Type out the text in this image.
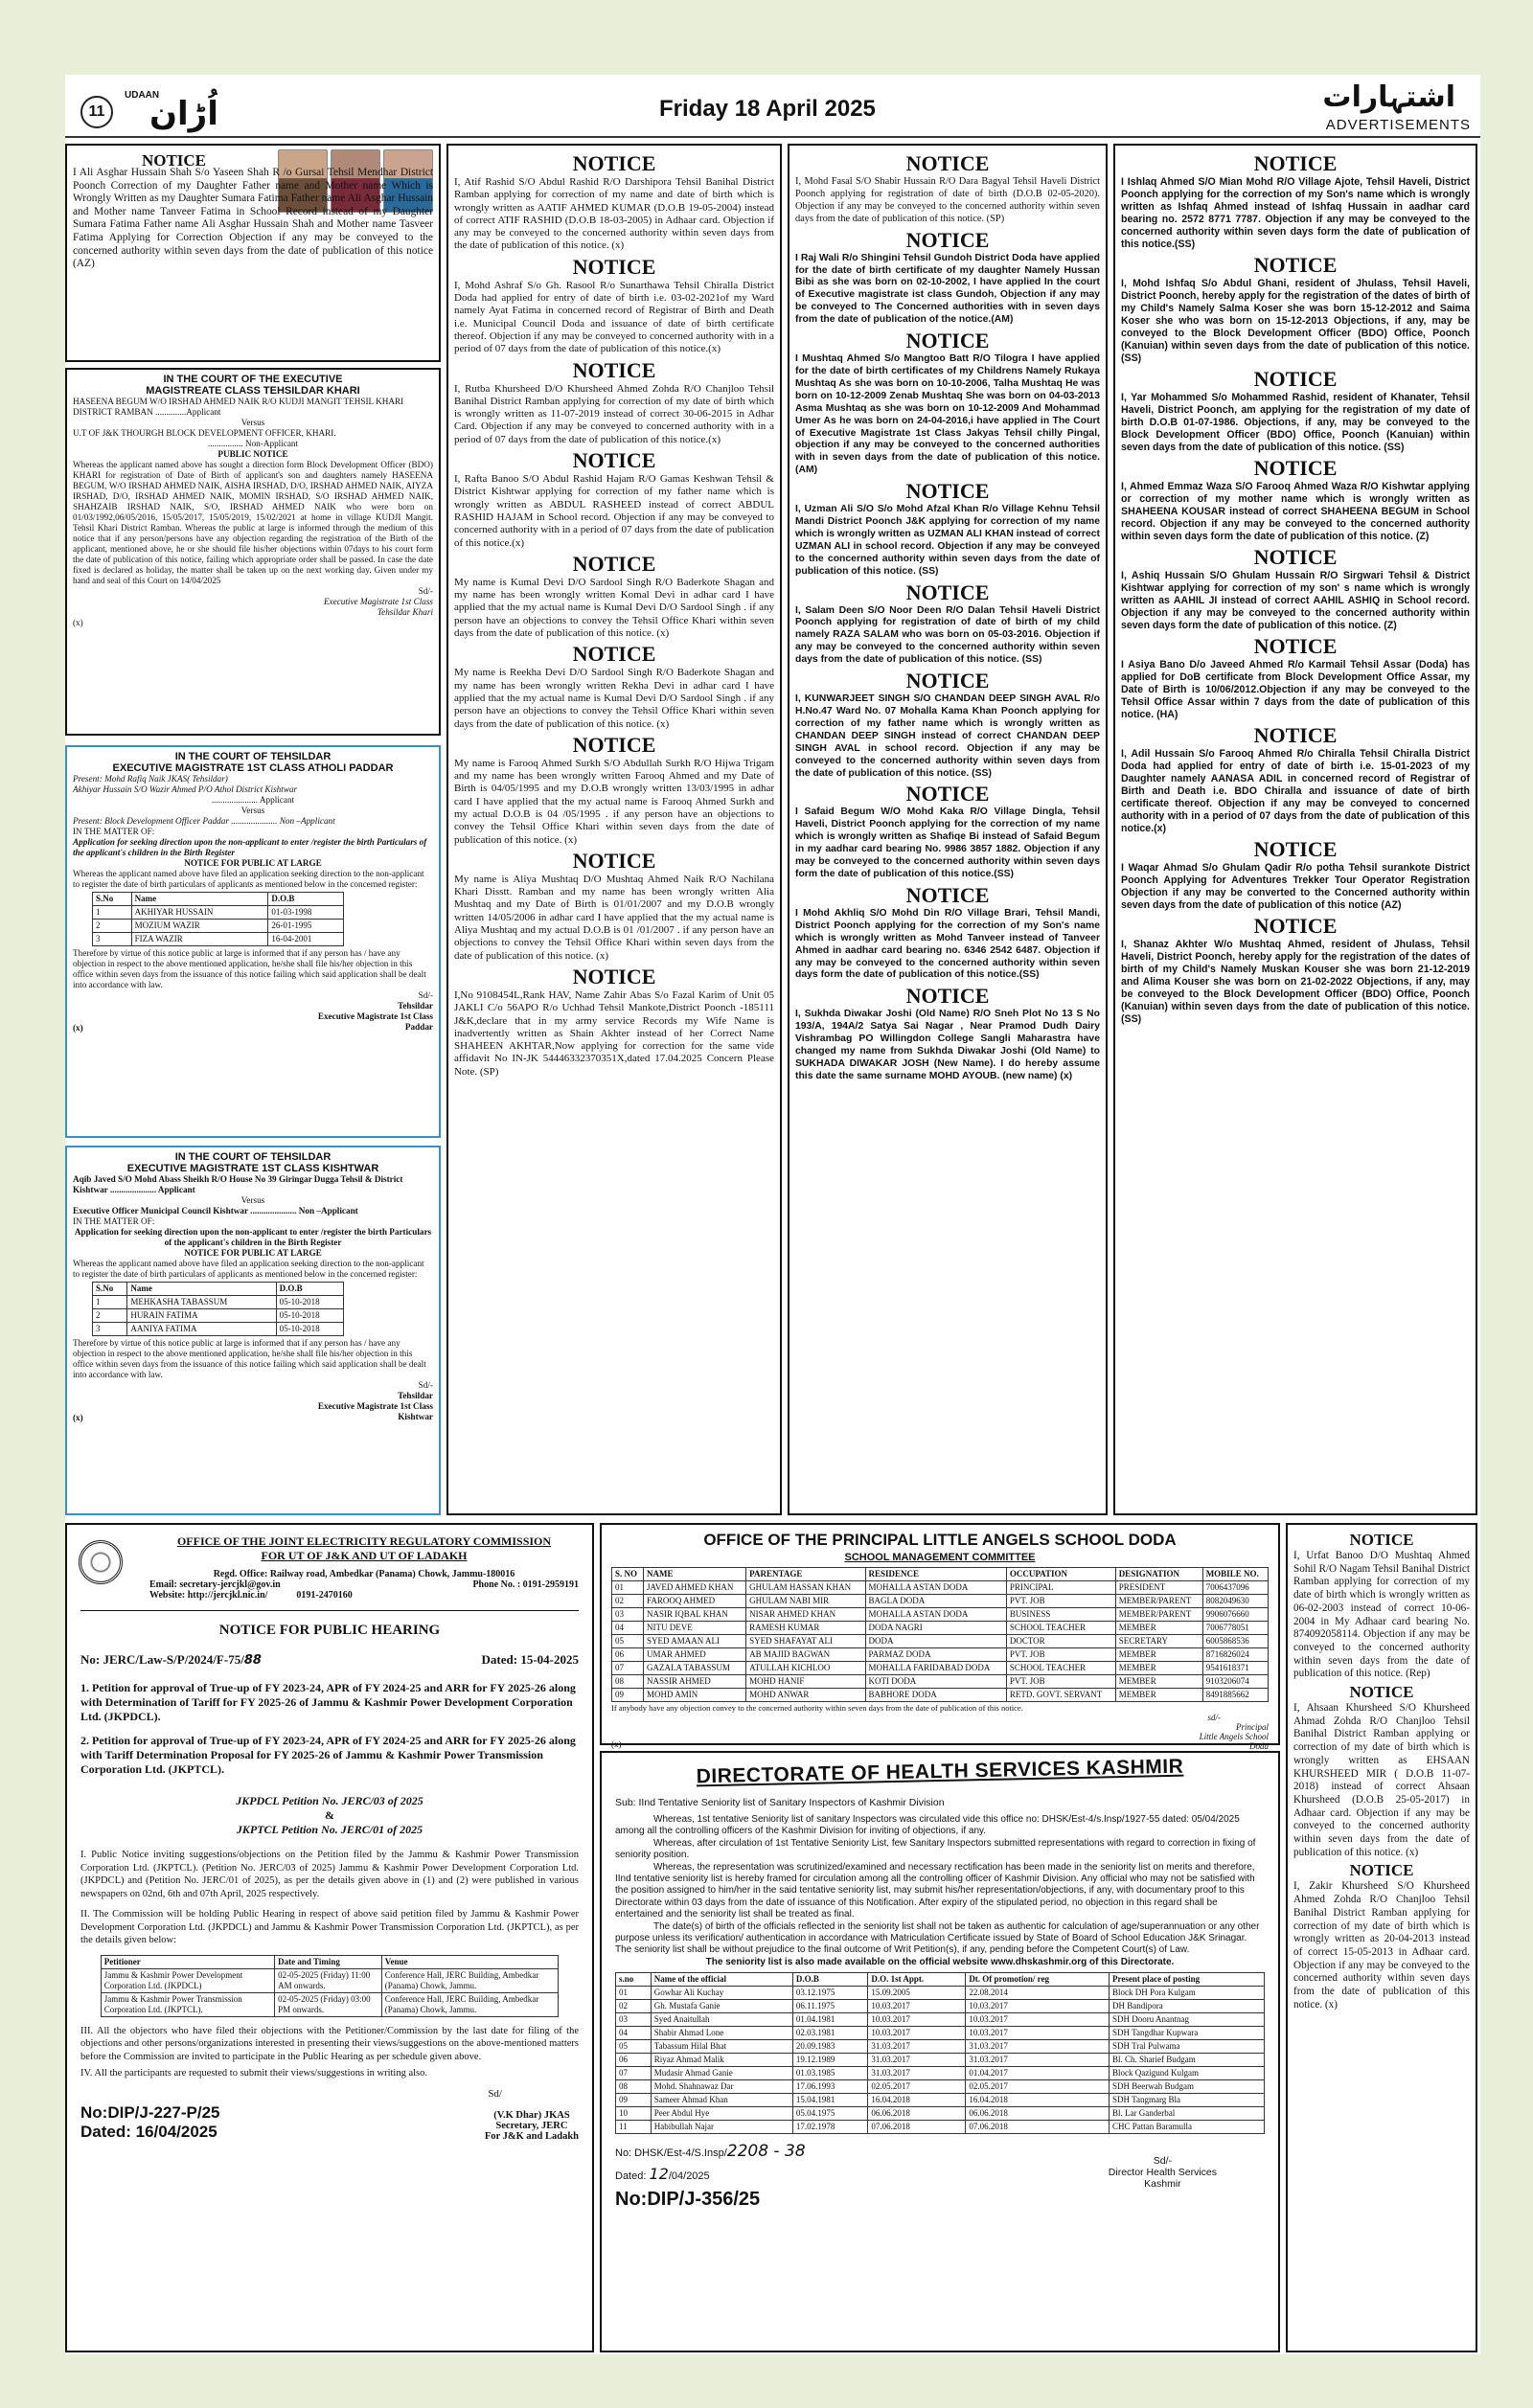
11
UDAAN
اُڑان	Friday 18 April 2025	اشتہارات
ADVERTISEMENTS
NOTICE
I Ali Asghar Hussain Shah S/o Yaseen Shah R /o Gursai Tehsil Mendhar District Poonch Correction of my Daughter Father name and Mother name Which is Wrongly Written as my Daughter Sumara Fatima Father name Ali Asghar Hussain and Mother name Tanveer Fatima in School Record instead of my Daughter Sumara Fatima Father name Ali Asghar Hussain Shah and Mother name Tasveer Fatima Applying for Correction Objection if any may be conveyed to the concerned authority within seven days from the date of publication of this notice (AZ)
IN THE COURT OF THE EXECUTIVE
MAGISTREATE CLASS TEHSILDAR KHARI
HASEENA BEGUM W/O IRSHAD AHMED NAIK R/O KUDJI MANGIT TEHSIL KHARI DISTRICT RAMBAN ..............Applicant
Versus
U.T OF J&K THOURGH BLOCK DEVELOPMENT OFFICER, KHARI.
................ Non-Applicant
PUBLIC NOTICE
Whereas the applicant named above has sought a direction form Block Development Officer (BDO) KHARI for registration of Date of Birth of applicant's son and daughters namely HASEENA BEGUM, W/O IRSHAD AHMED NAIK, AISHA IRSHAD, D/O, IRSHAD AHMED NAIK, AIYZA IRSHAD, D/O, IRSHAD AHMED NAIK, MOMIN IRSHAD, S/O IRSHAD AHMED NAIK, SHAHZAIB IRSHAD NAIK, S/O, IRSHAD AHMED NAIK who were born on 01/03/1992,06/05/2016, 15/05/2017, 15/05/2019, 15/02/2021 at home in village KUDJI Mangit. Tehsil Khari District Ramban. Whereas the public at large is informed through the medium of this notice that if any person/persons have any objection regarding the registration of the Birth of the applicant, mentioned above, he or she should file his/her objections within 07days to his court form the date of publication of this notice, failing which appropriate order shall be passed. In case the date fixed is declared as holiday, the matter shall be taken up on the next working day. Given under my hand and seal of this Court on 14/04/2025
Sd/-
Executive Magistrate 1st Class
Tehsildar Khari
(x)
IN THE COURT OF TEHSILDAR
EXECUTIVE MAGISTRATE 1ST CLASS ATHOLI PADDAR
Present: Mohd Rafiq Naik JKAS( Tehsildar)
Akhiyar Hussain S/O Wazir Ahmed P/O Athol District Kishtwar
..................... Applicant
Versus
Present: Block Development Officer Paddar ..................... Non –Applicant
IN THE MATTER OF:
Application for seeking direction upon the non-applicant to enter /register the birth Particulars of the applicant's children in the Birth Register
NOTICE FOR PUBLIC AT LARGE
Whereas the applicant named above have filed an application seeking direction to the non-applicant to register the date of birth particulars of applicants as mentioned below in the concerned register:
S.No	Name	D.O.B
1	AKHIYAR HUSSAIN	01-03-1998
2	MOZIUM WAZIR	26-01-1995
3	FIZA WAZIR	16-04-2001
Therefore by virtue of this notice public at large is informed that if any person has / have any objection in respect to the above mentioned application, he/she shall file his/her objection in this office within seven days from the issuance of this notice failing which said application shall be dealt into accordance with law.
Sd/-
Tehsildar
Executive Magistrate 1st Class
Paddar
(x)
IN THE COURT OF TEHSILDAR
EXECUTIVE MAGISTRATE 1ST CLASS KISHTWAR
Aqib Javed S/O Mohd Abass Sheikh R/O House No 39 Giringar Dugga Tehsil & District Kishtwar ..................... Applicant
Versus
Executive Officer Municipal Council Kishtwar ..................... Non –Applicant
IN THE MATTER OF:
Application for seeking direction upon the non-applicant to enter /register the birth Particulars of the applicant's children in the Birth Register
NOTICE FOR PUBLIC AT LARGE
Whereas the applicant named above have filed an application seeking direction to the non-applicant to register the date of birth particulars of applicants as mentioned below in the concerned register:
S.No	Name	D.O.B
1	MEHKASHA TABASSUM	05-10-2018
2	HURAIN FATIMA	05-10-2018
3	AANIYA FATIMA	05-10-2018
Therefore by virtue of this notice public at large is informed that if any person has / have any objection in respect to the above mentioned application, he/she shall file his/her objection in this office within seven days from the issuance of this notice failing which said application shall be dealt into accordance with law.
Sd/-
Tehsildar
Executive Magistrate 1st Class
Kishtwar
(x)
NOTICE
I, Atif Rashid S/O Abdul Rashid R/O Darshipora Tehsil Banihal District Ramban applying for correction of my name and date of birth which is wrongly written as AATIF AHMED KUMAR (D.O.B 19-05-2004) instead of correct ATIF RASHID (D.O.B 18-03-2005) in Adhaar card. Objection if any may be conveyed to the concerned authority within seven days from the date of publication of this notice. (x)
NOTICE
I, Mohd Ashraf S/o Gh. Rasool R/o Sunarthawa Tehsil Chiralla District Doda had applied for entry of date of birth i.e. 03-02-2021of my Ward namely Ayat Fatima in concerned record of Registrar of Birth and Death i.e. Municipal Council Doda and issuance of date of birth certificate thereof. Objection if any may be conveyed to concerned authority with in a period of 07 days from the date of publication of this notice.(x)
NOTICE
I, Rutba Khursheed D/O Khursheed Ahmed Zohda R/O Chanjloo Tehsil Banihal District Ramban applying for correction of my date of birth which is wrongly written as 11-07-2019 instead of correct 30-06-2015 in Adhar Card. Objection if any may be conveyed to concerned authority with in a period of 07 days from the date of publication of this notice.(x)
NOTICE
I, Rafta Banoo S/O Abdul Rashid Hajam R/O Gamas Keshwan Tehsil & District Kishtwar applying for correction of my father name which is wrongly written as ABDUL RASHEED instead of correct ABDUL RASHID HAJAM in School record. Objection if any may be conveyed to concerned authority with in a period of 07 days from the date of publication of this notice.(x)
NOTICE
My name is Kumal Devi D/O Sardool Singh R/O Baderkote Shagan and my name has been wrongly written Komal Devi in adhar card I have applied that the my actual name is Kumal Devi D/O Sardool Singh . if any person have an objections to convey the Tehsil Office Khari within seven days from the date of publication of this notice. (x)
NOTICE
My name is Reekha Devi D/O Sardool Singh R/O Baderkote Shagan and my name has been wrongly written Rekha Devi in adhar card I have applied that the my actual name is Kumal Devi D/O Sardool Singh . if any person have an objections to convey the Tehsil Office Khari within seven days from the date of publication of this notice. (x)
NOTICE
My name is Farooq Ahmed Surkh S/O Abdullah Surkh R/O Hijwa Trigam and my name has been wrongly written Farooq Ahmed and my Date of Birth is 04/05/1995 and my D.O.B wrongly written 13/03/1995 in adhar card I have applied that the my actual name is Farooq Ahmed Surkh and my actual D.O.B is 04 /05/1995 . if any person have an objections to convey the Tehsil Office Khari within seven days from the date of publication of this notice. (x)
NOTICE
My name is Aliya Mushtaq D/O Mushtaq Ahmed Naik R/O Nachilana Khari Disstt. Ramban and my name has been wrongly written Alia Mushtaq and my Date of Birth is 01/01/2007 and my D.O.B wrongly written 14/05/2006 in adhar card I have applied that the my actual name is Aliya Mushtaq and my actual D.O.B is 01 /01/2007 . if any person have an objections to convey the Tehsil Office Khari within seven days from the date of publication of this notice. (x)
NOTICE
I,No 9108454L,Rank HAV, Name Zahir Abas S/o Fazal Karim of Unit 05 JAKLI C/o 56APO R/o Uchhad Tehsil Mankote,District Poonch -185111 J&K,declare that in my army service Records my Wife Name is inadvertently written as Shain Akhter instead of her Correct Name SHAHEEN AKHTAR,Now applying for correction for the same vide affidavit No IN-JK 54446332370351X,dated 17.04.2025 Concern Please Note. (SP)
NOTICE
I, Mohd Fasal S/O Shabir Hussain R/O Dara Bagyal Tehsil Haveli District Poonch applying for registration of date of birth (D.O.B 02-05-2020). Objection if any may be conveyed to the concerned authority within seven days from the date of publication of this notice. (SP)
NOTICE
I Raj Wali R/o Shingini Tehsil Gundoh District Doda have applied for the date of birth certificate of my daughter Namely Hussan Bibi as she was born on 02-10-2002, I have applied In the court of Executive magistrate ist class Gundoh, Objection if any may be conveyed to The Concerned authorities with in seven days from the date of publication of the notice.(AM)
NOTICE
I Mushtaq Ahmed S/o Mangtoo Batt R/O Tilogra I have applied for the date of birth certificates of my Childrens Namely Rukaya Mushtaq As she was born on 10-10-2006, Talha Mushtaq He was born on 10-12-2009 Zenab Mushtaq She was born on 04-03-2013 Asma Mushtaq as she was born on 10-12-2009 And Mohammad Umer As he was born on 24-04-2016,i have applied in The Court of Executive Magistrate 1st Class Jakyas Tehsil chilly Pingal, objection if any may be conveyed to the concerned authorities with in seven days from the date of publication of this notice.(AM)
NOTICE
I, Uzman Ali S/O S/o Mohd Afzal Khan R/o Village Kehnu Tehsil Mandi District Poonch J&K applying for correction of my name which is wrongly written as UZMAN ALI KHAN instead of correct UZMAN ALI in school record. Objection if any may be conveyed to the concerned authority within seven days from the date of publication of this notice. (SS)
NOTICE
I, Salam Deen S/O Noor Deen R/O Dalan Tehsil Haveli District Poonch applying for registration of date of birth of my child namely RAZA SALAM who was born on 05-03-2016. Objection if any may be conveyed to the concerned authority within seven days from the date of publication of this notice. (SS)
NOTICE
I, KUNWARJEET SINGH S/O CHANDAN DEEP SINGH AVAL R/o H.No.47 Ward No. 07 Mohalla Kama Khan Poonch applying for correction of my father name which is wrongly written as CHANDAN DEEP SINGH instead of correct CHANDAN DEEP SINGH AVAL in school record. Objection if any may be conveyed to the concerned authority within seven days from the date of publication of this notice. (SS)
NOTICE
I Safaid Begum W/O Mohd Kaka R/O Village Dingla, Tehsil Haveli, District Poonch applying for the correction of my name which is wrongly written as Shafiqe Bi instead of Safaid Begum in my aadhar card bearing No. 9986 3857 1882. Objection if any may be conveyed to the concerned authority within seven days form the date of publication of this notice.(SS)
NOTICE
I Mohd Akhliq S/O Mohd Din R/O Village Brari, Tehsil Mandi, District Poonch applying for the correction of my Son's name which is wrongly written as Mohd Tanveer instead of Tanveer Ahmed in aadhar card bearing no. 6346 2542 6487. Objection if any may be conveyed to the concerned authority within seven days form the date of publication of this notice.(SS)
NOTICE
I, Sukhda Diwakar Joshi (Old Name) R/O Sneh Plot No 13 S No 193/A, 194A/2 Satya Sai Nagar , Near Pramod Dudh Dairy Vishrambag PO Willingdon College Sangli Maharastra have changed my name from Sukhda Diwakar Joshi (Old Name) to SUKHADA DIWAKAR JOSH (New Name). I do hereby assume this date the same surname MOHD AYOUB. (new name) (x)
NOTICE
I Ishlaq Ahmed S/O Mian Mohd R/O Village Ajote, Tehsil Haveli, District Poonch applying for the correction of my Son's name which is wrongly written as Ishfaq Ahmed instead of Ishfaq Hussain in aadhar card bearing no. 2572 8771 7787. Objection if any may be conveyed to the concerned authority within seven days form the date of publication of this notice.(SS)
NOTICE
I, Mohd Ishfaq S/o Abdul Ghani, resident of Jhulass, Tehsil Haveli, District Poonch, hereby apply for the registration of the dates of birth of my Child's Namely Salma Koser she was born 15-12-2012 and Saima Koser she who was born on 15-12-2013 Objections, if any, may be conveyed to the Block Development Officer (BDO) Office, Poonch (Kanuian) within seven days from the date of publication of this notice.(SS)
NOTICE
I, Yar Mohammed S/o Mohammed Rashid, resident of Khanater, Tehsil Haveli, District Poonch, am applying for the registration of my date of birth D.O.B 01-07-1986. Objections, if any, may be conveyed to the Block Development Officer (BDO) Office, Poonch (Kanuian) within seven days from the date of publication of this notice. (SS)
NOTICE
I, Ahmed Emmaz Waza S/O Farooq Ahmed Waza R/O Kishwtar applying or correction of my mother name which is wrongly written as SHAHEENA KOUSAR instead of correct SHAHEENA BEGUM in School record. Objection if any may be conveyed to the concerned authority within seven days form the date of publication of this notice. (Z)
NOTICE
I, Ashiq Hussain S/O Ghulam Hussain R/O Sirgwari Tehsil & District Kishtwar applying for correction of my son' s name which is wrongly written as AAHIL JI instead of correct AAHIL ASHIQ in School record. Objection if any may be conveyed to the concerned authority within seven days form the date of publication of this notice. (Z)
NOTICE
I Asiya Bano D/o Javeed Ahmed R/o Karmail Tehsil Assar (Doda) has applied for DoB certificate from Block Development Office Assar, my Date of Birth is 10/06/2012.Objection if any may be conveyed to the Tehsil Office Assar within 7 days from the date of publication of this notice. (HA)
NOTICE
I, Adil Hussain S/o Farooq Ahmed R/o Chiralla Tehsil Chiralla District Doda had applied for entry of date of birth i.e. 15-01-2023 of my Daughter namely AANASA ADIL in concerned record of Registrar of Birth and Death i.e. BDO Chiralla and issuance of date of birth certificate thereof. Objection if any may be conveyed to concerned authority with in a period of 07 days from the date of publication of this notice.(x)
NOTICE
I Waqar Ahmad S/o Ghulam Qadir R/o potha Tehsil surankote District Poonch Applying for Adventures Trekker Tour Operator Registration Objection if any may be converted to the Concerned authority within seven days from the date of publication of this notice (AZ)
NOTICE
I, Shanaz Akhter W/o Mushtaq Ahmed, resident of Jhulass, Tehsil Haveli, District Poonch, hereby apply for the registration of the dates of birth of my Child's Namely Muskan Kouser she was born 21-12-2019 and Alima Kouser she was born on 21-02-2022 Objections, if any, may be conveyed to the Block Development Officer (BDO) Office, Poonch (Kanuian) within seven days from the date of publication of this notice. (SS)
OFFICE OF THE JOINT ELECTRICITY REGULATORY COMMISSION
FOR UT OF J&K AND UT OF LADAKH
Regd. Office: Railway road, Ambedkar (Panama) Chowk, Jammu-180016
Email: secretary-jercjkl@gov.in	Phone No. : 0191-2959191
Website: http://jercjkl.nic.in/	0191-2470160
NOTICE FOR PUBLIC HEARING
No: JERC/Law-S/P/2024/F-75/88	Dated: 15-04-2025
1. Petition for approval of True-up of FY 2023-24, APR of FY 2024-25 and ARR for FY 2025-26 along with Determination of Tariff for FY 2025-26 of Jammu & Kashmir Power Development Corporation Ltd. (JKPDCL).
2. Petition for approval of True-up of FY 2023-24, APR of FY 2024-25 and ARR for FY 2025-26 along with Tariff Determination Proposal for FY 2025-26 of Jammu & Kashmir Power Transmission Corporation Ltd. (JKPTCL).
JKPDCL Petition No. JERC/03 of 2025
&
JKPTCL Petition No. JERC/01 of 2025
I. Public Notice inviting suggestions/objections on the Petition filed by the Jammu & Kashmir Power Transmission Corporation Ltd. (JKPTCL). (Petition No. JERC/03 of 2025) Jammu & Kashmir Power Development Corporation Ltd. (JKPDCL) and (Petition No. JERC/01 of 2025), as per the details given above in (1) and (2) were published in various newspapers on 02nd, 6th and 07th April, 2025 respectively.
II. The Commission will be holding Public Hearing in respect of above said petition filed by Jammu & Kashmir Power Development Corporation Ltd. (JKPDCL) and Jammu & Kashmir Power Transmission Corporation Ltd. (JKPTCL), as per the details given below:
Petitioner	Date and Timing	Venue
Jammu & Kashmir Power Development Corporation Ltd. (JKPDCL)	02-05-2025 (Friday) 11:00 AM onwards.	Conference Hall, JERC Building, Ambedkar (Panama) Chowk, Jammu.
Jammu & Kashmir Power Transmission Corporation Ltd. (JKPTCL).	02-05-2025 (Friday) 03:00 PM onwards.	Conference Hall, JERC Building, Ambedkar (Panama) Chowk, Jammu.
III. All the objectors who have filed their objections with the Petitioner/Commission by the last date for filing of the objections and other persons/organizations interested in presenting their views/suggestions on the above-mentioned matters before the Commission are invited to participate in the Public Hearing as per schedule given above.
IV. All the participants are requested to submit their views/suggestions in writing also.
Sd/
No:DIP/J-227-P/25
Dated: 16/04/2025
(V.K Dhar) JKAS
Secretary, JERC
For J&K and Ladakh
OFFICE OF THE PRINCIPAL LITTLE ANGELS SCHOOL DODA
SCHOOL MANAGEMENT COMMITTEE
S. NO	NAME	PARENTAGE	RESIDENCE	OCCUPATION	DESIGNATION	MOBILE NO.
01	JAVED AHMED KHAN	GHULAM HASSAN KHAN	MOHALLA ASTAN DODA	PRINCIPAL	PRESIDENT	7006437096
02	FAROOQ AHMED	GHULAM NABI MIR	BAGLA DODA	PVT. JOB	MEMBER/PARENT	8082049630
03	NASIR IQBAL KHAN	NISAR AHMED KHAN	MOHALLA ASTAN DODA	BUSINESS	MEMBER/PARENT	9906076660
04	NITU DEVE	RAMESH KUMAR	DODA NAGRI	SCHOOL TEACHER	MEMBER	7006778051
05	SYED AMAAN ALI	SYED SHAFAYAT ALI	DODA	DOCTOR	SECRETARY	6005868536
06	UMAR AHMED	AB MAJID BAGWAN	PARMAZ DODA	PVT. JOB	MEMBER	8716826024
07	GAZALA TABASSUM	ATULLAH KICHLOO	MOHALLA FARIDABAD DODA	SCHOOL TEACHER	MEMBER	9541618371
08	NASSIR AHMED	MOHD HANIF	KOTI DODA	PVT. JOB	MEMBER	9103206074
09	MOHD AMIN	MOHD ANWAR	BABHORE DODA	RETD. GOVT. SERVANT	MEMBER	8491885662
If anybody have any objection convey to the concerned authority within seven days from the date of publication of this notice.
sd/-
Principal
Little Angels School
Doda
(x)
DIRECTORATE OF HEALTH SERVICES KASHMIR
Sub: IInd Tentative Seniority list of Sanitary Inspectors of Kashmir Division
Whereas, 1st tentative Seniority list of sanitary Inspectors was circulated vide this office no: DHSK/Est-4/s.Insp/1927-55 dated: 05/04/2025 among all the controlling officers of the Kashmir Division for inviting of objections, if any.
Whereas, after circulation of 1st Tentative Seniority List, few Sanitary Inspectors submitted representations with regard to correction in fixing of seniority position.
Whereas, the representation was scrutinized/examined and necessary rectification has been made in the seniority list on merits and therefore, IInd tentative seniority list is hereby framed for circulation among all the controlling officer of Kashmir Division. Any official who may not be satisfied with the position assigned to him/her in the said tentative seniority list, may submit his/her representation/objections, if any, with documentary proof to this Directorate within 03 days from the date of issuance of this Notification. After expiry of the stipulated period, no objection in this regard shall be entertained and the seniority list shall be treated as final.
The date(s) of birth of the officials reflected in the seniority list shall not be taken as authentic for calculation of age/superannuation or any other purpose unless its verification/ authentication in accordance with Matriculation Certificate issued by State of Board of School Education J&K Srinagar. The seniority list shall be without prejudice to the final outcome of Writ Petition(s), if any, pending before the Competent Court(s) of Law.
The seniority list is also made available on the official website www.dhskashmir.org of this Directorate.
s.no	Name of the official	D.O.B	D.O. 1st Appt.	Dt. Of promotion/ reg	Present place of posting
01	Gowhar Ali Kuchay	03.12.1975	15.09.2005	22.08.2014	Block DH Pora Kulgam
02	Gh. Mustafa Ganie	06.11.1975	10.03.2017	10.03.2017	DH Bandipora
03	Syed Anaitullah	01.04.1981	10.03.2017	10.03.2017	SDH Dooru Anantnag
04	Shabir Ahmad Lone	02.03.1981	10.03.2017	10.03.2017	SDH Tangdhar Kupwara
05	Tabassum Hilal Bhat	20.09.1983	31.03.2017	31.03.2017	SDH Tral Pulwama
06	Riyaz Ahmad Malik	19.12.1989	31.03.2017	31.03.2017	Bl. Ch. Sharief Budgam
07	Mudasir Ahmad Ganie	01.03.1985	31.03.2017	01.04.2017	Block Qazigund Kulgam
08	Mohd. Shahnawaz Dar	17.06.1993	02.05.2017	02.05.2017	SDH Beerwah Budgam
09	Sameer Ahmad Khan	15.04.1981	16.04.2018	16.04.2018	SDH Tangmarg Bla
10	Peer Abdul Hye	05.04.1975	06.06.2018	06.06.2018	Bl. Lar Ganderbal
11	Habibullah Najar	17.02.1978	07.06.2018	07.06.2018	CHC Pattan Baramulla
No: DHSK/Est-4/S.Insp/2208 - 38
Dated: 12/04/2025
No:DIP/J-356/25
Sd/-
Director Health Services
Kashmir
NOTICE
I, Urfat Banoo D/O Mushtaq Ahmed Sohil R/O Nagam Tehsil Banihal District Ramban applying for correction of my date of birth which is wrongly written as 06-02-2003 instead of correct 10-06-2004 in My Adhaar card bearing No. 874092058114. Objection if any may be conveyed to the concerned authority within seven days from the date of publication of this notice. (Rep)
NOTICE
I, Ahsaan Khursheed S/O Khursheed Ahmad Zohda R/O Chanjloo Tehsil Banihal District Ramban applying or correction of my date of birth which is wrongly written as EHSAAN KHURSHEED MIR ( D.O.B 11-07-2018) instead of correct Ahsaan Khursheed (D.O.B 25-05-2017) in Adhaar card. Objection if any may be conveyed to the concerned authority within seven days from the date of publication of this notice. (x)
NOTICE
I, Zakir Khursheed S/O Khursheed Ahmed Zohda R/O Chanjloo Tehsil Banihal District Ramban applying for correction of my date of birth which is wrongly written as 20-04-2013 instead of correct 15-05-2013 in Adhaar card. Objection if any may be conveyed to the concerned authority within seven days from the date of publication of this notice. (x)
